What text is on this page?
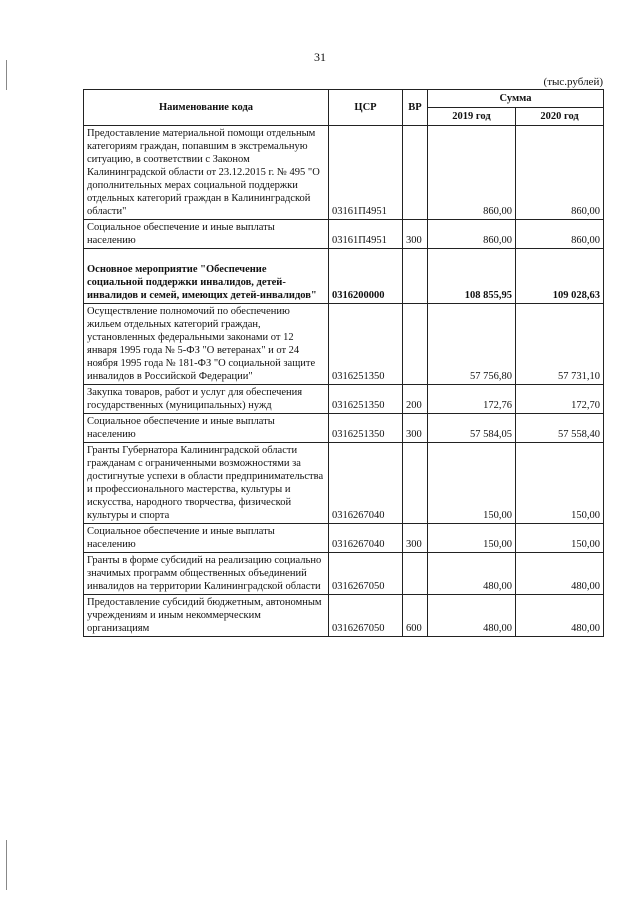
31
(тыс.рублей)
Наименование кода	ЦСР	ВР	Сумма	
			2019 год	2020 год
Предоставление материальной помощи отдельным категориям граждан, попавшим в экстремальную ситуацию, в соответствии с Законом Калининградской области от 23.12.2015 г. № 495 "О дополнительных мерах социальной поддержки отдельных категорий граждан в Калининградской области"	03161П4951		860,00	860,00
Социальное обеспечение и иные выплаты населению	03161П4951	300	860,00	860,00
Основное мероприятие "Обеспечение социальной поддержки инвалидов, детей-инвалидов и семей, имеющих детей-инвалидов"	0316200000		108 855,95	109 028,63
Осуществление полномочий по обеспечению жильем отдельных категорий граждан, установленных федеральными законами от 12 января 1995 года № 5-ФЗ "О ветеранах" и от 24 ноября 1995 года № 181-ФЗ "О социальной защите инвалидов в Российской Федерации"	0316251350		57 756,80	57 731,10
Закупка товаров, работ и услуг для обеспечения государственных (муниципальных) нужд	0316251350	200	172,76	172,70
Социальное обеспечение и иные выплаты населению	0316251350	300	57 584,05	57 558,40
Гранты Губернатора Калининградской области гражданам с ограниченными возможностями за достигнутые успехи в области предпринимательства и профессионального мастерства, культуры и искусства, народного творчества, физической культуры и спорта	0316267040		150,00	150,00
Социальное обеспечение и иные выплаты населению	0316267040	300	150,00	150,00
Гранты в форме субсидий на реализацию социально значимых программ общественных объединений инвалидов на территории Калининградской области	0316267050		480,00	480,00
Предоставление субсидий бюджетным, автономным учреждениям и иным некоммерческим организациям	0316267050	600	480,00	480,00
